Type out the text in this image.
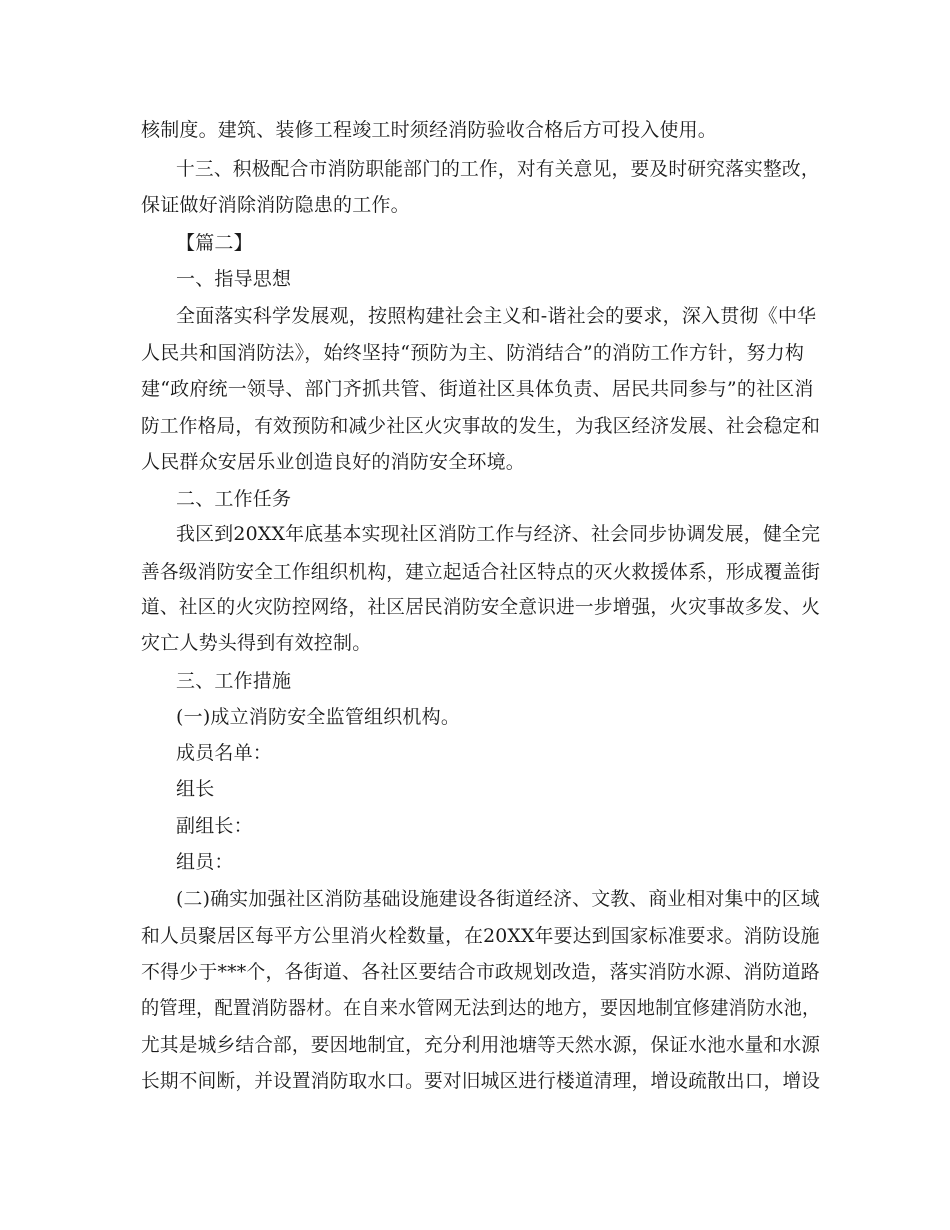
核制度。建筑、装修工程竣工时须经消防验收合格后方可投入使用。
十三、积极配合市消防职能部门的工作，对有关意见，要及时研究落实整改，
保证做好消除消防隐患的工作。
【篇二】
一、指导思想
全面落实科学发展观，按照构建社会主义和-谐社会的要求，深入贯彻《中华
人民共和国消防法》，始终坚持“预防为主、防消结合”的消防工作方针，努力构
建“政府统一领导、部门齐抓共管、街道社区具体负责、居民共同参与”的社区消
防工作格局，有效预防和减少社区火灾事故的发生，为我区经济发展、社会稳定和
人民群众安居乐业创造良好的消防安全环境。
二、工作任务
我区到20XX年底基本实现社区消防工作与经济、社会同步协调发展，健全完
善各级消防安全工作组织机构，建立起适合社区特点的灭火救援体系，形成覆盖街
道、社区的火灾防控网络，社区居民消防安全意识进一步增强，火灾事故多发、火
灾亡人势头得到有效控制。
三、工作措施
(一)成立消防安全监管组织机构。
成员名单：
组长
副组长：
组员：
(二)确实加强社区消防基础设施建设各街道经济、文教、商业相对集中的区域
和人员聚居区每平方公里消火栓数量，在20XX年要达到国家标准要求。消防设施
不得少于***个，各街道、各社区要结合市政规划改造，落实消防水源、消防道路
的管理，配置消防器材。在自来水管网无法到达的地方，要因地制宜修建消防水池，
尤其是城乡结合部，要因地制宜，充分利用池塘等天然水源，保证水池水量和水源
长期不间断，并设置消防取水口。要对旧城区进行楼道清理，增设疏散出口，增设
